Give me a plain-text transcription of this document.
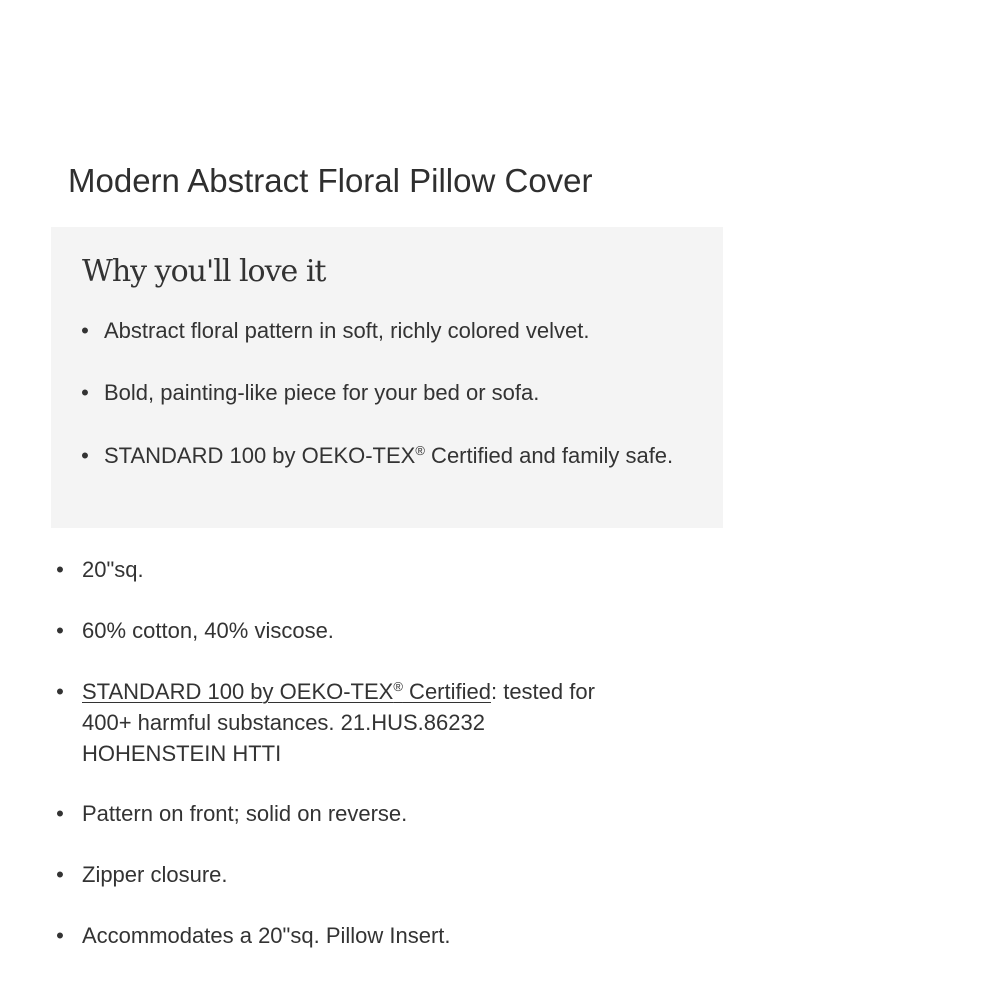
Modern Abstract Floral Pillow Cover
Why you'll love it
• Abstract floral pattern in soft, richly colored velvet.
• Bold, painting-like piece for your bed or sofa.
• STANDARD 100 by OEKO-TEX® Certified and family safe.
• 20"sq.
• 60% cotton, 40% viscose.
• STANDARD 100 by OEKO-TEX® Certified: tested for 400+ harmful substances. 21.HUS.86232 HOHENSTEIN HTTI
• Pattern on front; solid on reverse.
• Zipper closure.
• Accommodates a 20"sq. Pillow Insert.
